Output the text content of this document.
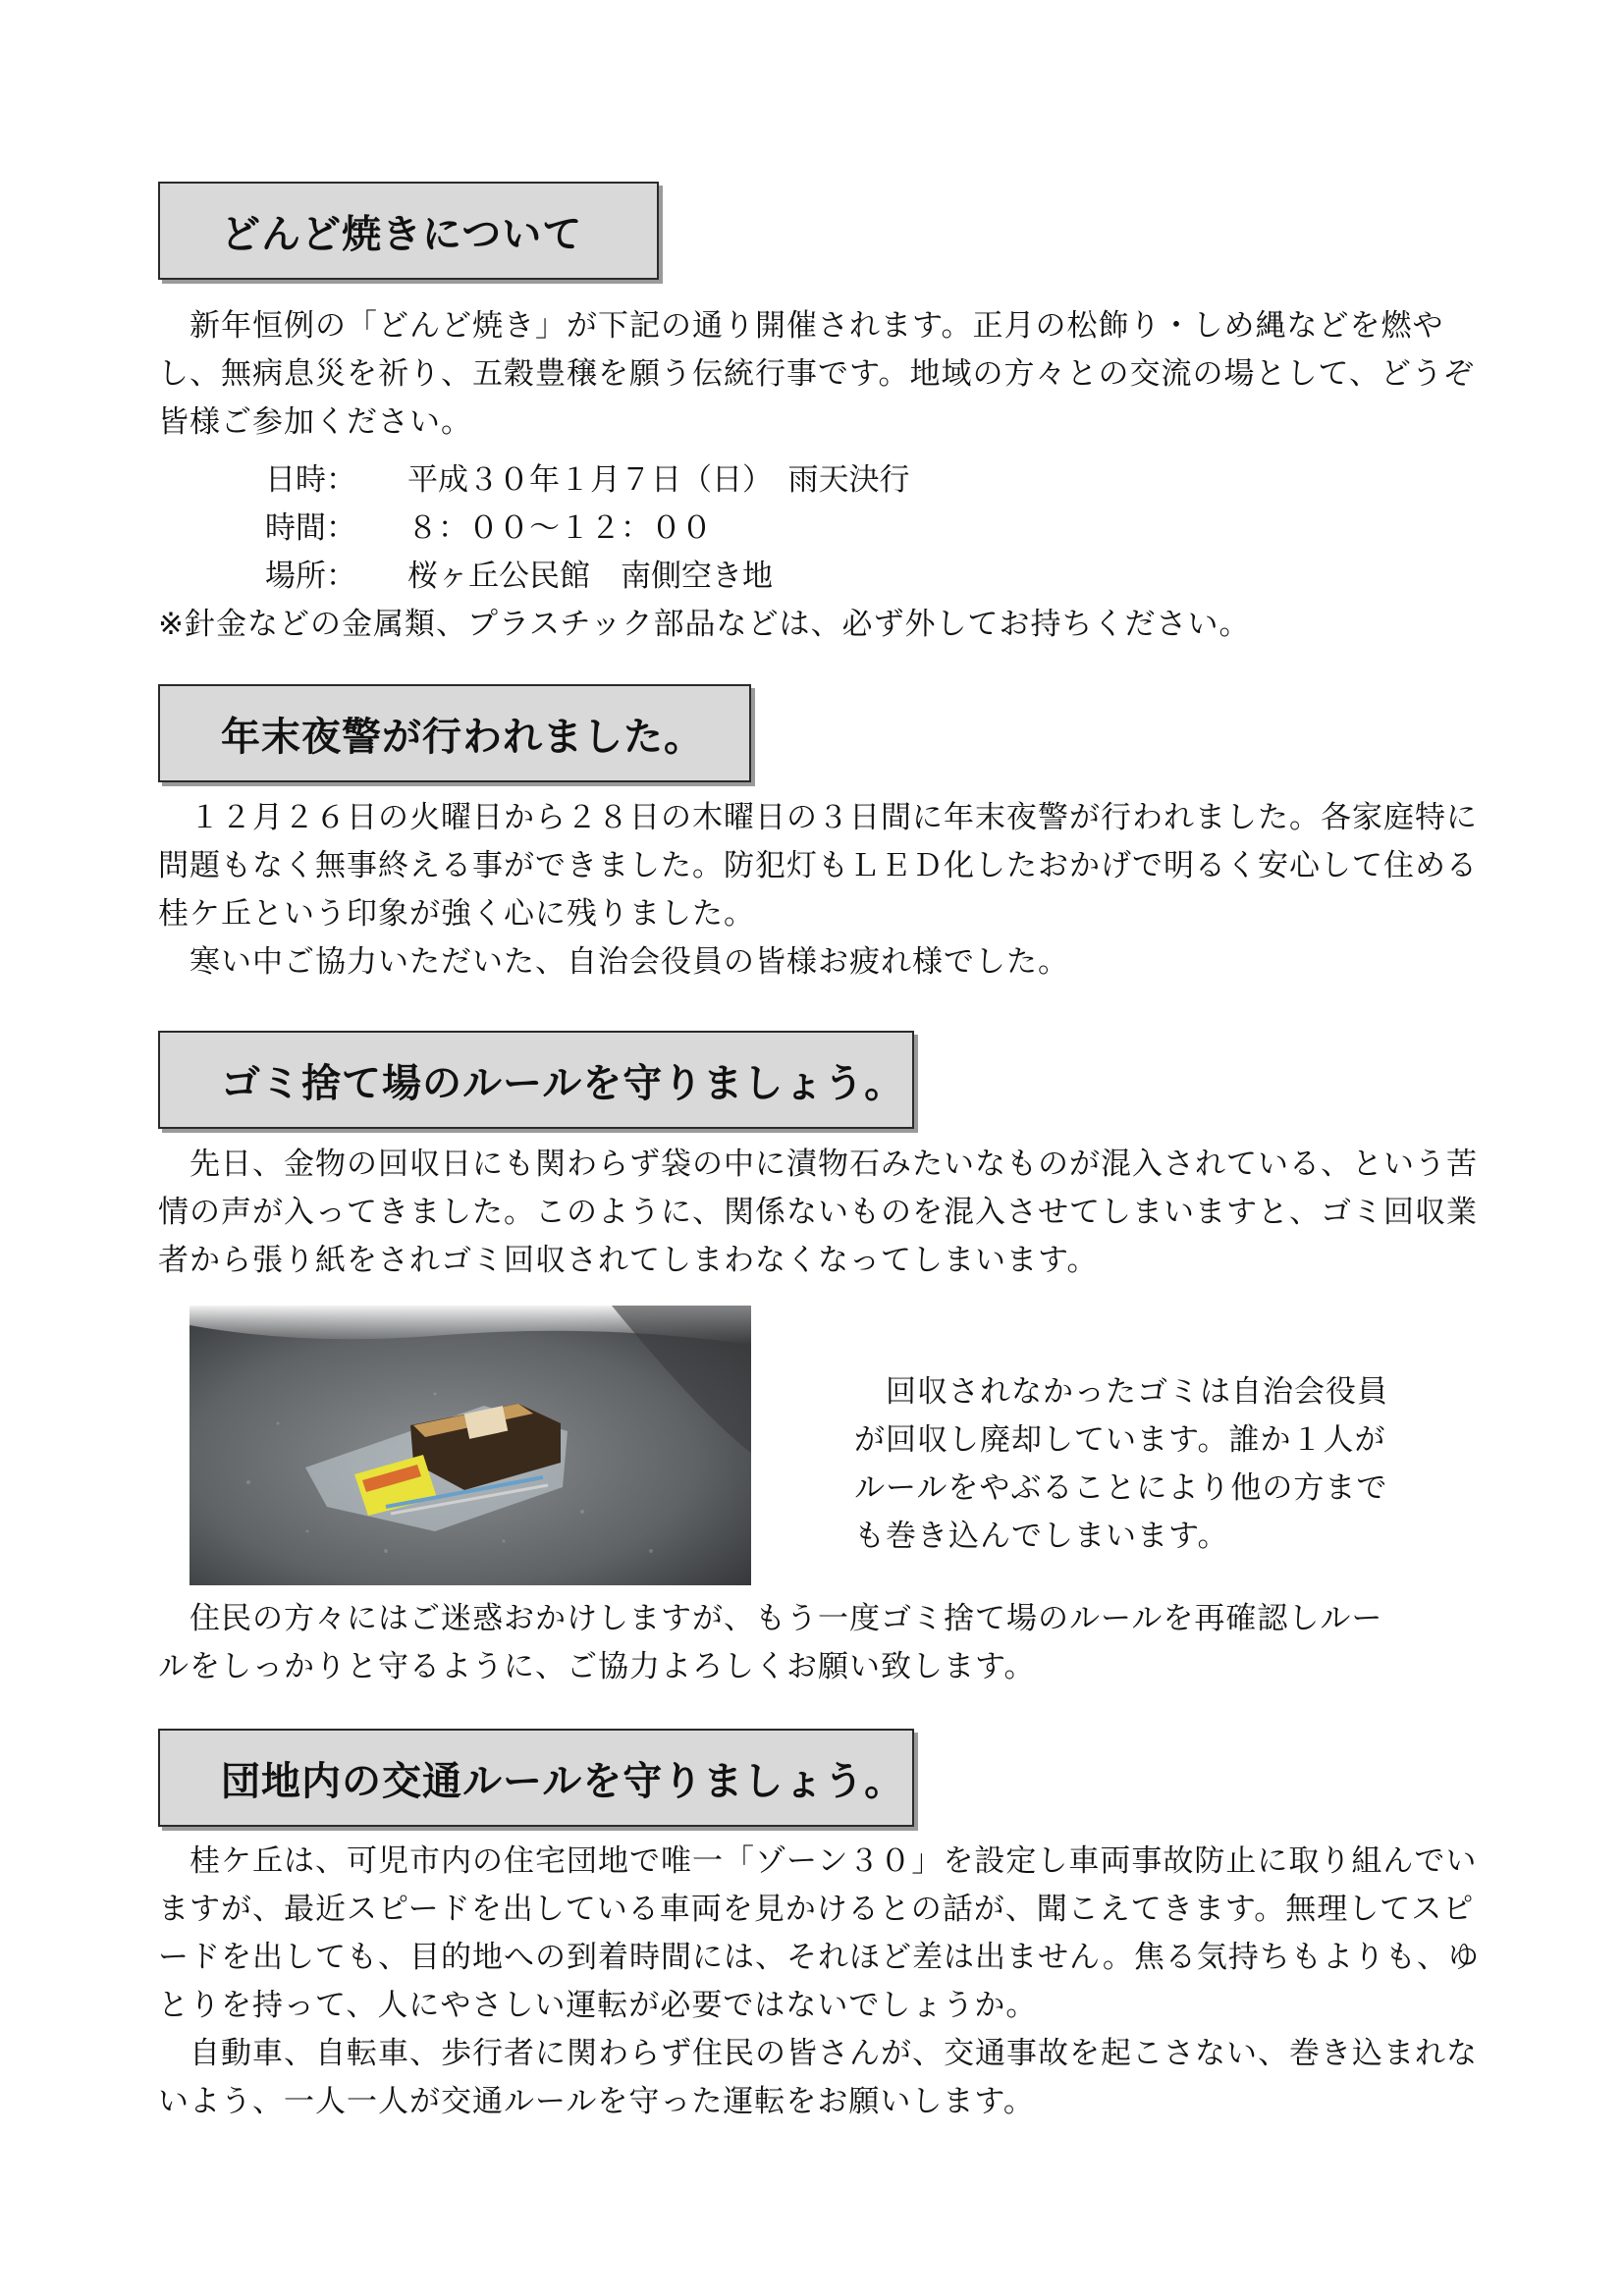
どんど焼きについて

　新年恒例の「どんど焼き」が下記の通り開催されます。正月の松飾り・しめ縄などを燃やし、無病息災を祈り、五穀豊穣を願う伝統行事です。地域の方々との交流の場として、どうぞ皆様ご参加ください。

日時：	平成３０年１月７日（日）　雨天決行
時間：	８：００～１２：００
場所：	桜ヶ丘公民館　南側空き地
※針金などの金属類、プラスチック部品などは、必ず外してお持ちください。
年末夜警が行われました。

　１２月２６日の火曜日から２８日の木曜日の３日間に年末夜警が行われました。各家庭特に問題もなく無事終える事ができました。防犯灯もＬＥＤ化したおかげで明るく安心して住める桂ケ丘という印象が強く心に残りました。
　寒い中ご協力いただいた、自治会役員の皆様お疲れ様でした。

ゴミ捨て場のルールを守りましょう。

　先日、金物の回収日にも関わらず袋の中に漬物石みたいなものが混入されている、という苦情の声が入ってきました。このように、関係ないものを混入させてしまいますと、ゴミ回収業者から張り紙をされゴミ回収されてしまわなくなってしまいます。

　回収されなかったゴミは自治会役員が回収し廃却しています。誰か１人がルールをやぶることにより他の方までも巻き込んでしまいます。

　住民の方々にはご迷惑おかけしますが、もう一度ゴミ捨て場のルールを再確認しルールをしっかりと守るように、ご協力よろしくお願い致します。

団地内の交通ルールを守りましょう。

　桂ケ丘は、可児市内の住宅団地で唯一「ゾーン３０」を設定し車両事故防止に取り組んでいますが、最近スピードを出している車両を見かけるとの話が、聞こえてきます。無理してスピードを出しても、目的地への到着時間には、それほど差は出ません。焦る気持ちもよりも、ゆとりを持って、人にやさしい運転が必要ではないでしょうか。
　自動車、自転車、歩行者に関わらず住民の皆さんが、交通事故を起こさない、巻き込まれないよう、一人一人が交通ルールを守った運転をお願いします。
